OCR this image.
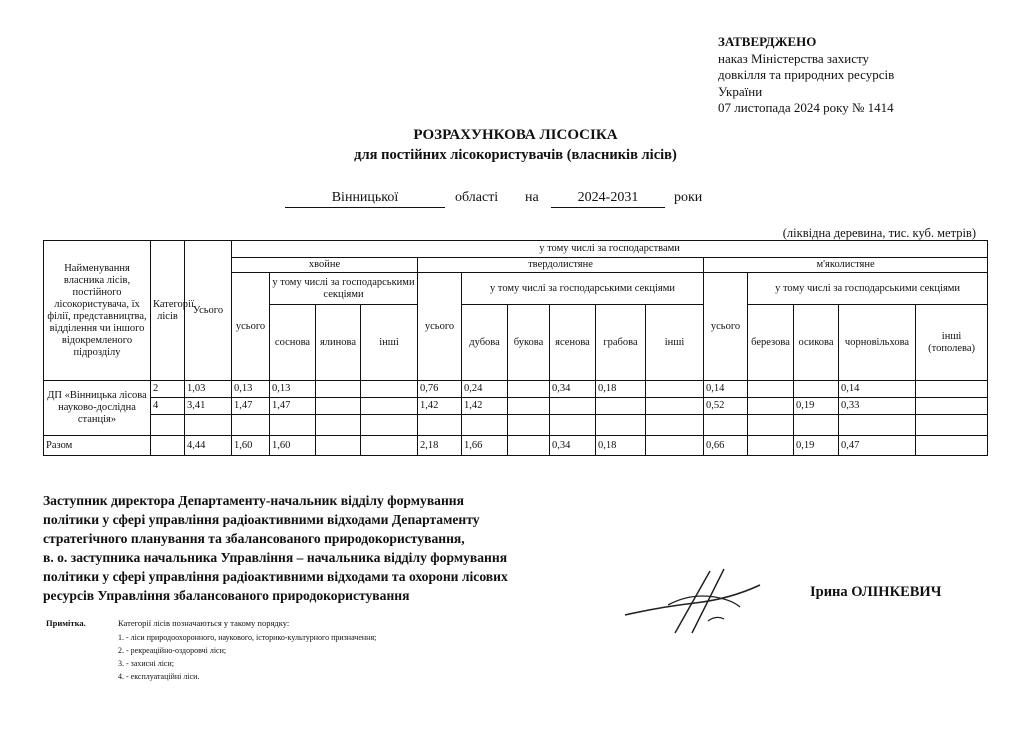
ЗАТВЕРДЖЕНО
наказ Міністерства захисту
довкілля та природних ресурсів
України
07 листопада 2024 року № 1414
РОЗРАХУНКОВА ЛІСОСІКА
для постійних лісокористувачів (власників лісів)
Вінницької	області на	2024-2031	роки
(ліквідна деревина, тис. куб. метрів)
Найменування власника лісів, постійного лісокористувача, їх філії, представництва, відділення чи іншого відокремленого підрозділу	Категорії лісів	Усього	у тому числі за господарствами														
			хвойне				твердолистяне						м'яколистяне				
			усього	у тому числі за господарськими секціями			усього	у тому числі за господарськими секціями					усього	у тому числі за господарськими секціями			
				соснова	ялинова	інші		дубова	букова	ясенова	грабова	інші		березова	осикова	чорновільхова	інші (тополева)
ДП «Вінницька лісова науково-дослідна станція»	2	1,03	0,13	0,13			0,76	0,24		0,34	0,18		0,14			0,14	
	4	3,41	1,47	1,47			1,42	1,42					0,52		0,19	0,33	

Разом		4,44	1,60	1,60			2,18	1,66		0,34	0,18		0,66		0,19	0,47	
Заступник директора Департаменту-начальник відділу формування
політики у сфері управління радіоактивними відходами Департаменту
стратегічного планування та збалансованого природокористування,
в. о. заступника начальника Управління – начальника відділу формування
політики у сфері управління радіоактивними відходами та охорони лісових
ресурсів Управління збалансованого природокористування	Ірина ОЛІНКЕВИЧ
Примітка.	Категорії лісів позначаються у такому порядку:
1. - ліси природоохоронного, наукового, історико-культурного призначення;
2. - рекреаційно-оздоровчі ліси;
3. - захисні ліси;
4. - експлуатаційні ліси.
